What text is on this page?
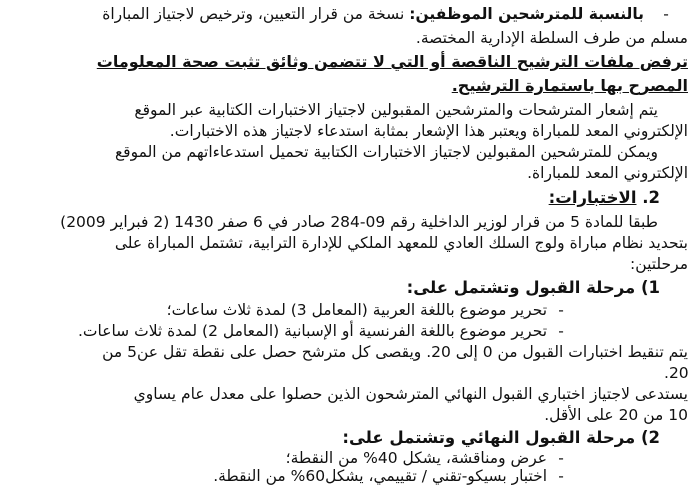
-بالنسبة للمترشحين الموظفين: نسخة من قرار التعيين، وترخيص لاجتياز المباراة
مسلم من طرف السلطة الإدارية المختصة.
ترفض ملفات الترشيح الناقصة أو التي لا تتضمن وثائق تثبت صحة المعلومات
المصرح بها باستمارة الترشيح.
يتم إشعار المترشحات والمترشحين المقبولين لاجتياز الاختبارات الكتابية عبر الموقع
الإلكتروني المعد للمباراة ويعتبر هذا الإشعار بمثابة استدعاء لاجتياز هذه الاختبارات.
ويمكن للمترشحين المقبولين لاجتياز الاختبارات الكتابية تحميل استدعاءاتهم من الموقع
الإلكتروني المعد للمباراة.
2. الاختبارات:
طبقا للمادة 5 من قرار لوزير الداخلية رقم 09-284 صادر في 6 صفر 1430 (2 فبراير 2009)
بتحديد نظام مباراة ولوج السلك العادي للمعهد الملكي للإدارة الترابية، تشتمل المباراة على
مرحلتين:
1) مرحلة القبول وتشتمل على:
- تحرير موضوع باللغة العربية (المعامل 3) لمدة ثلاث ساعات؛
- تحرير موضوع باللغة الفرنسية أو الإسبانية (المعامل 2) لمدة ثلاث ساعات.
يتم تنقيط اختبارات القبول من 0 إلى 20. ويقصى كل مترشح حصل على نقطة تقل عن5 من
20.
يستدعى لاجتياز اختباري القبول النهائي المترشحون الذين حصلوا على معدل عام يساوي
10 من 20 على الأقل.
2) مرحلة القبول النهائي وتشتمل على:
- عرض ومناقشة، يشكل 40% من النقطة؛
- اختبار بسيكو-تقني / تقييمي، يشكل60% من النقطة.
